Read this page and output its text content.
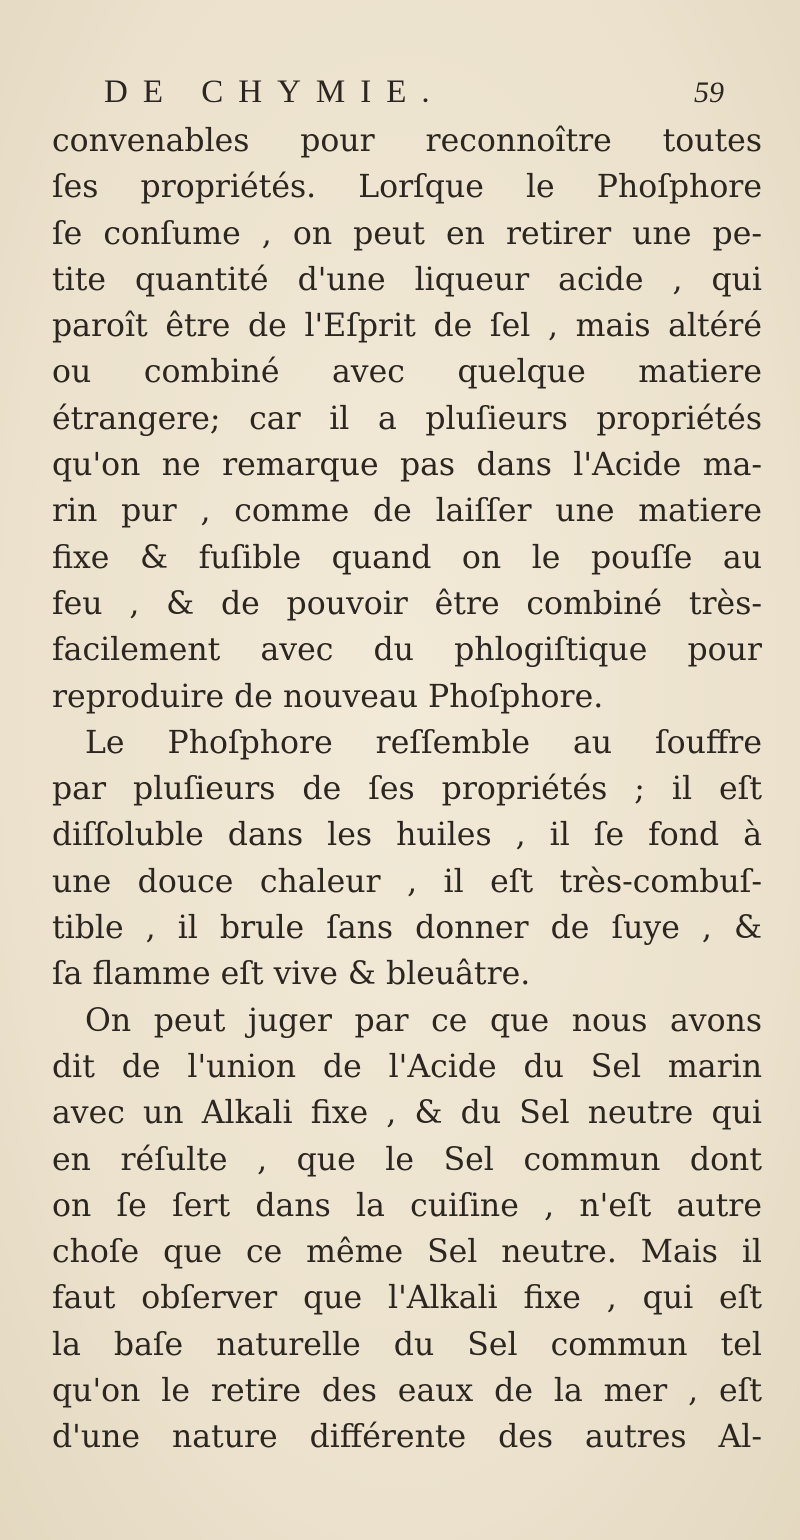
DE CHYMIE.	59
convenables pour reconnoître toutes
ſes propriétés. Lorſque le Phoſphore
ſe conſume , on peut en retirer une pe-
tite quantité d'une liqueur acide , qui
paroît être de l'Eſprit de ſel , mais altéré
ou combiné avec quelque matiere
étrangere; car il a pluſieurs propriétés
qu'on ne remarque pas dans l'Acide ma-
rin pur , comme de laiſſer une matiere
fixe & fuſible quand on le pouſſe au
feu , & de pouvoir être combiné très-
facilement avec du phlogiſtique pour
reproduire de nouveau Phoſphore.
Le Phoſphore reſſemble au ſouffre
par pluſieurs de ſes propriétés ; il eſt
diſſoluble dans les huiles , il ſe fond à
une douce chaleur , il eſt très-combuſ-
tible , il brule ſans donner de ſuye , &
ſa flamme eſt vive & bleuâtre.
On peut juger par ce que nous avons
dit de l'union de l'Acide du Sel marin
avec un Alkali fixe , & du Sel neutre qui
en réſulte , que le Sel commun dont
on ſe ſert dans la cuiſine , n'eſt autre
choſe que ce même Sel neutre. Mais il
faut obſerver que l'Alkali fixe , qui eſt
la baſe naturelle du Sel commun tel
qu'on le retire des eaux de la mer , eſt
d'une nature différente des autres Al-
